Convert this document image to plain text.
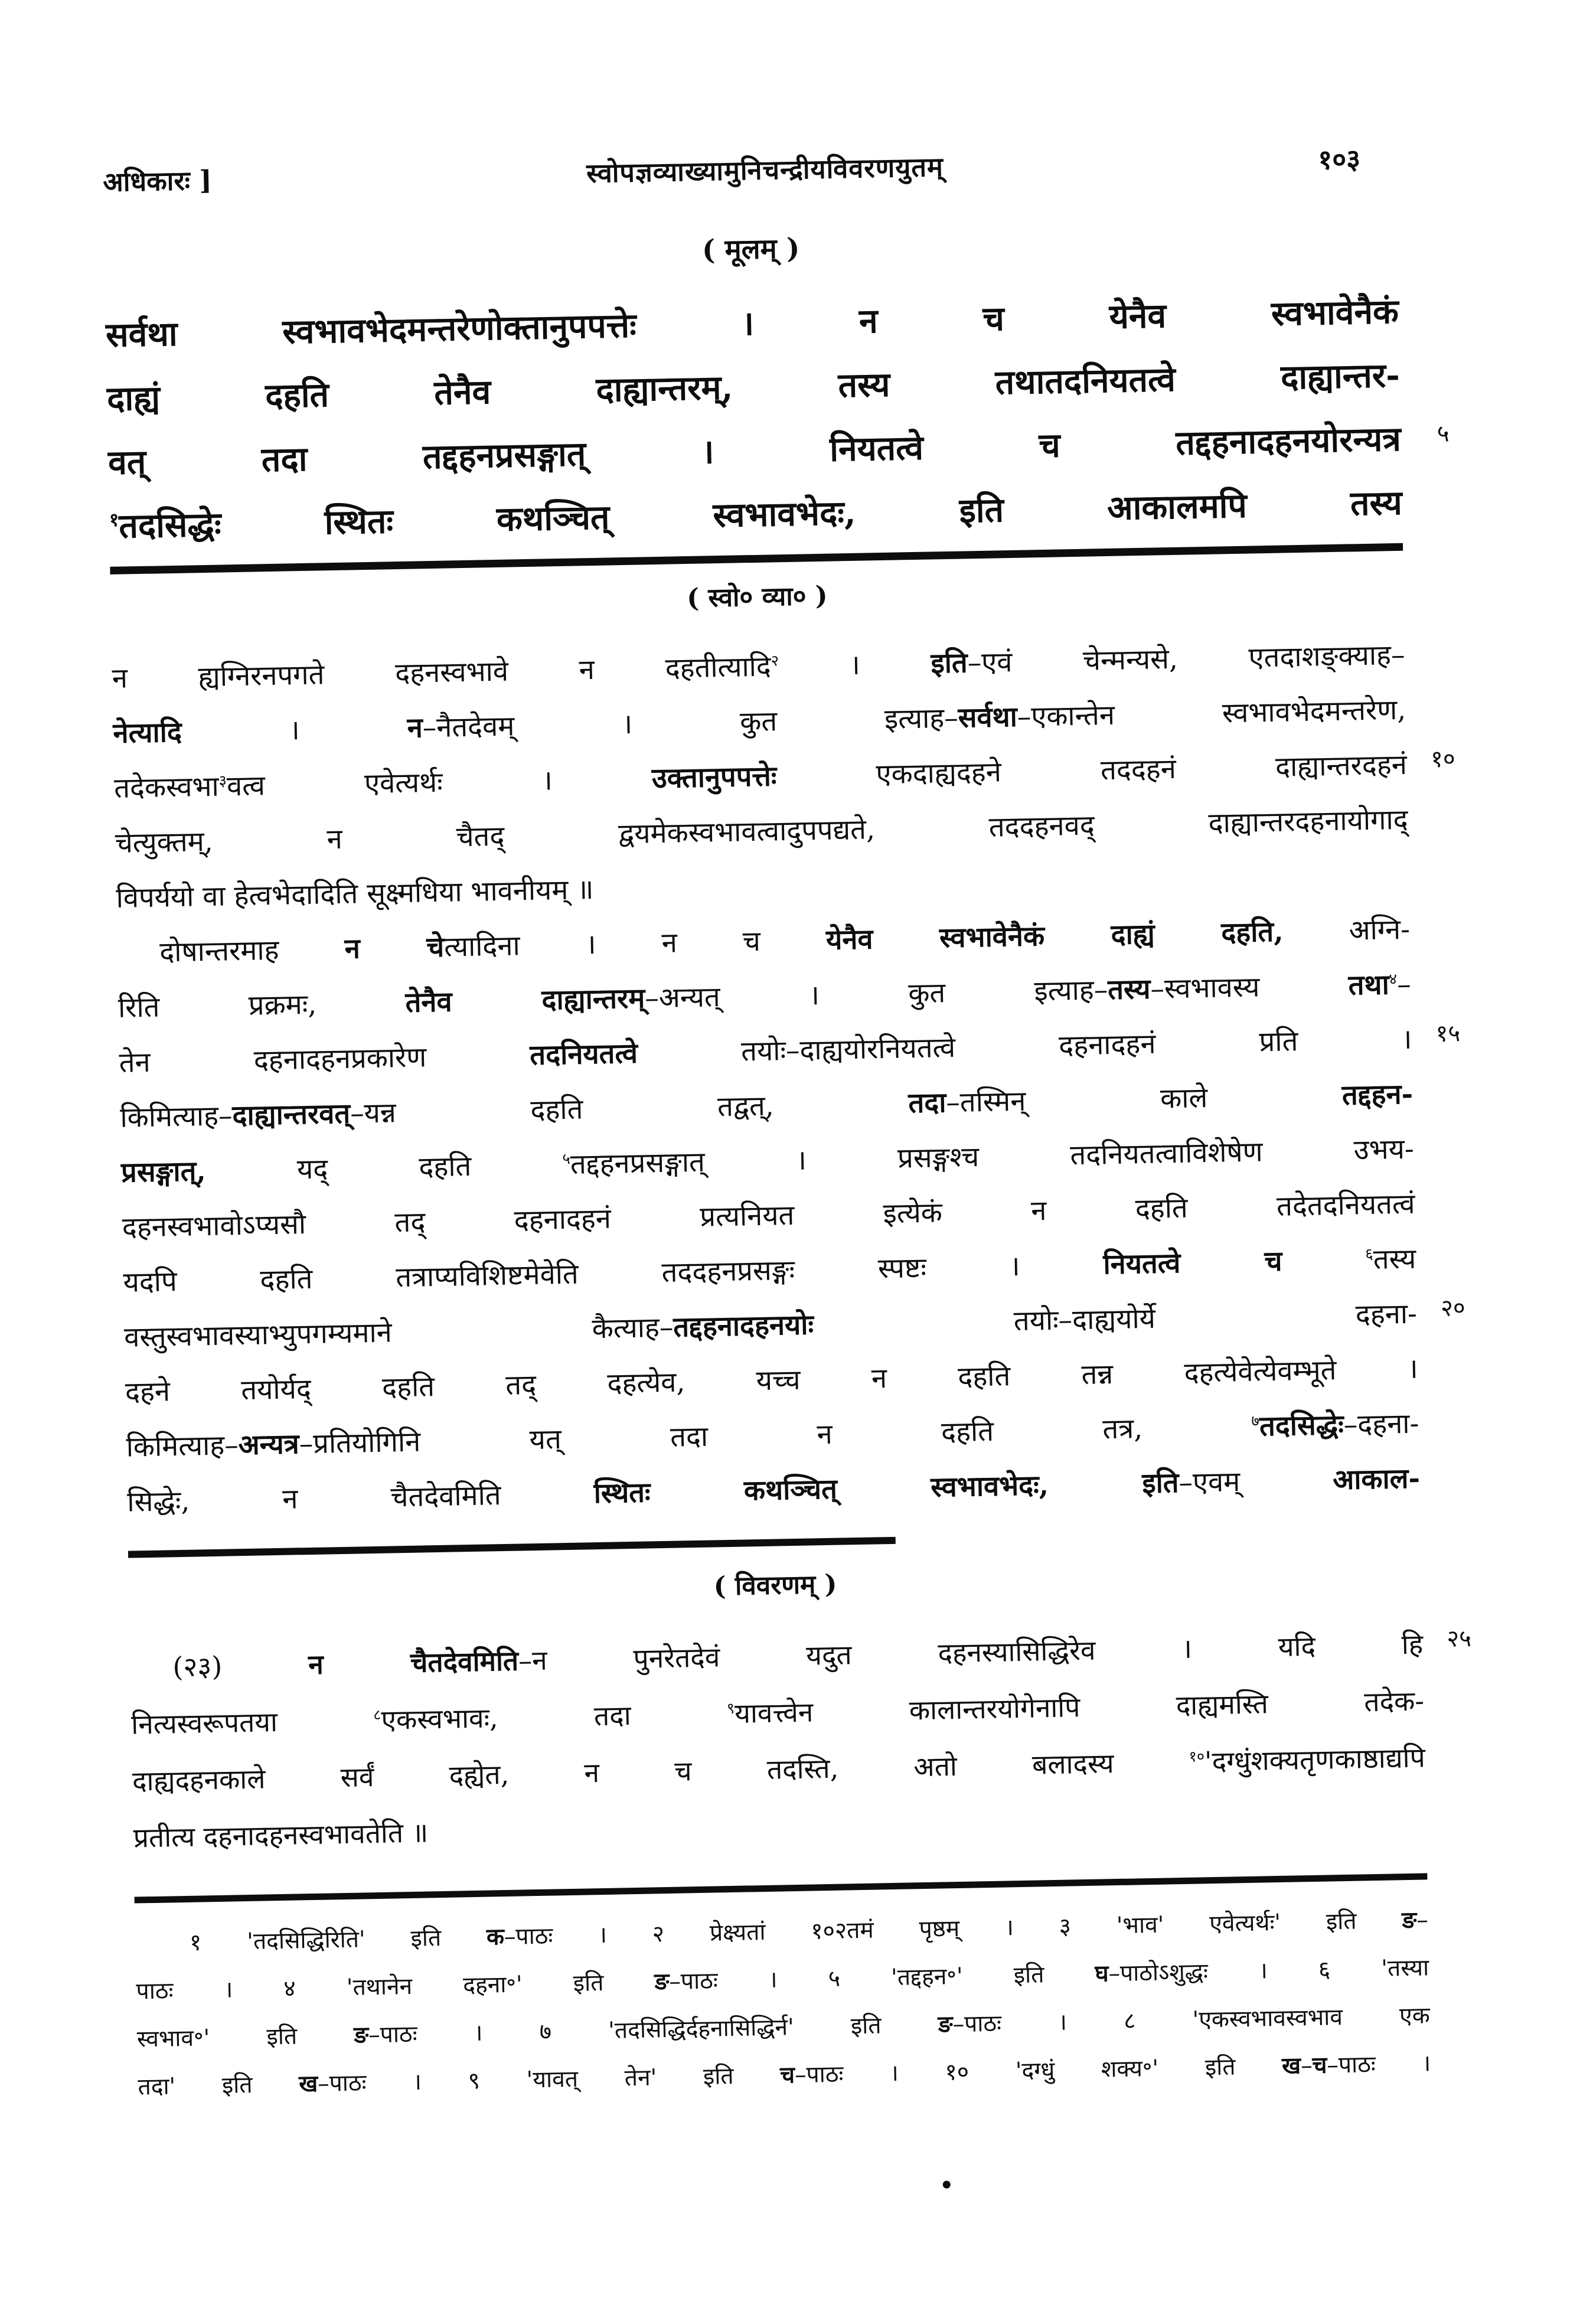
अधिकारः ]	स्वोपज्ञव्याख्यामुनिचन्द्रीयविवरणयुतम्	१०३
( मूलम् )
सर्वथा स्वभावभेदमन्तरेणोक्तानुपपत्तेः । न च येनैव स्वभावेनैकं
दाह्यं दहति तेनैव दाह्यान्तरम्, तस्य तथातदनियतत्वे दाह्यान्तर-
वत् तदा तद्दहनप्रसङ्गात् । नियतत्वे च तद्दहनादहनयोरन्यत्र ५
$^१$तदसिद्धेः स्थितः कथञ्चित् स्वभावभेदः, इति आकालमपि तस्य
( स्वो० व्या० )
न ह्यग्निरनपगते दहनस्वभावे न दहतीत्यादि$^२$ । इति–एवं चेन्मन्यसे, एतदाशङ्क्याह–
नेत्यादि । न–नैतदेवम् । कुत इत्याह–सर्वथा–एकान्तेन स्वभावभेदमन्तरेण,
तदेकस्वभा$^३$वत्व एवेत्यर्थः । उक्तानुपपत्तेः एकदाह्यदहने तददहनं दाह्यान्तरदहनं १०
चेत्युक्तम्, न चैतद् द्वयमेकस्वभावत्वादुपपद्यते, तददहनवद् दाह्यान्तरदहनायोगाद्
विपर्ययो वा हेत्वभेदादिति सूक्ष्मधिया भावनीयम् ॥
दोषान्तरमाह न चेत्यादिना । न च येनैव स्वभावेनैकं दाह्यं दहति, अग्नि-
रिति प्रक्रमः, तेनैव दाह्यान्तरम्–अन्यत् । कुत इत्याह–तस्य–स्वभावस्य तथा$^४$–
तेन दहनादहनप्रकारेण तदनियतत्वे तयोः–दाह्ययोरनियतत्वे दहनादहनं प्रति । १५
किमित्याह–दाह्यान्तरवत्–यन्न दहति तद्वत्, तदा–तस्मिन् काले तद्दहन-
प्रसङ्गात्, यद् दहति $^५$तद्दहनप्रसङ्गात् । प्रसङ्गश्च तदनियतत्वाविशेषेण उभय-
दहनस्वभावोऽप्यसौ तद् दहनादहनं प्रत्यनियत इत्येकं न दहति तदेतदनियतत्वं
यदपि दहति तत्राप्यविशिष्टमेवेति तददहनप्रसङ्गः स्पष्टः । नियतत्वे च	$^६$तस्य
वस्तुस्वभावस्याभ्युपगम्यमाने कैत्याह–तद्दहनादहनयोः तयोः–दाह्ययोर्ये दहना- २०
दहने तयोर्यद् दहति तद् दहत्येव, यच्च न दहति तन्न दहत्येवेत्येवम्भूते ।
किमित्याह–अन्यत्र–प्रतियोगिनि यत् तदा न दहति तत्र, $^७$तदसिद्धेः–दहना-
सिद्धेः, न चैतदेवमिति स्थितः कथञ्चित् स्वभावभेदः, इति–एवम् आकाल-
( विवरणम् )
(२३) न चैतदेवमिति–न पुनरेतदेवं यदुत दहनस्यासिद्धिरेव । यदि हि २५
नित्यस्वरूपतया $^८$एकस्वभावः, तदा $^९$यावत्त्वेन कालान्तरयोगेनापि दाह्यमस्ति तदेक-
दाह्यदहनकाले सर्वं दह्येत, न च तदस्ति, अतो बलादस्य $^{१०}$'दग्धुंशक्यतृणकाष्ठाद्यपि
प्रतीत्य दहनादहनस्वभावतेति ॥
१ 'तदसिद्धिरिति' इति क–पाठः । २ प्रेक्ष्यतां १०२तमं पृष्ठम् । ३ 'भाव' एवेत्यर्थः' इति ङ–
पाठः । ४ 'तथानेन दहना॰' इति ङ–पाठः । ५ 'तद्दहन॰' इति घ–पाठोऽशुद्धः । ६ 'तस्या
स्वभाव॰' इति ङ–पाठः । ७ 'तदसिद्धिर्दहनासिद्धिर्न' इति ङ–पाठः । ८ 'एकस्वभावस्वभाव एक
तदा' इति ख–पाठः । ९ 'यावत् तेन' इति च–पाठः । १० 'दग्धुं शक्य॰' इति ख–च–पाठः ।
